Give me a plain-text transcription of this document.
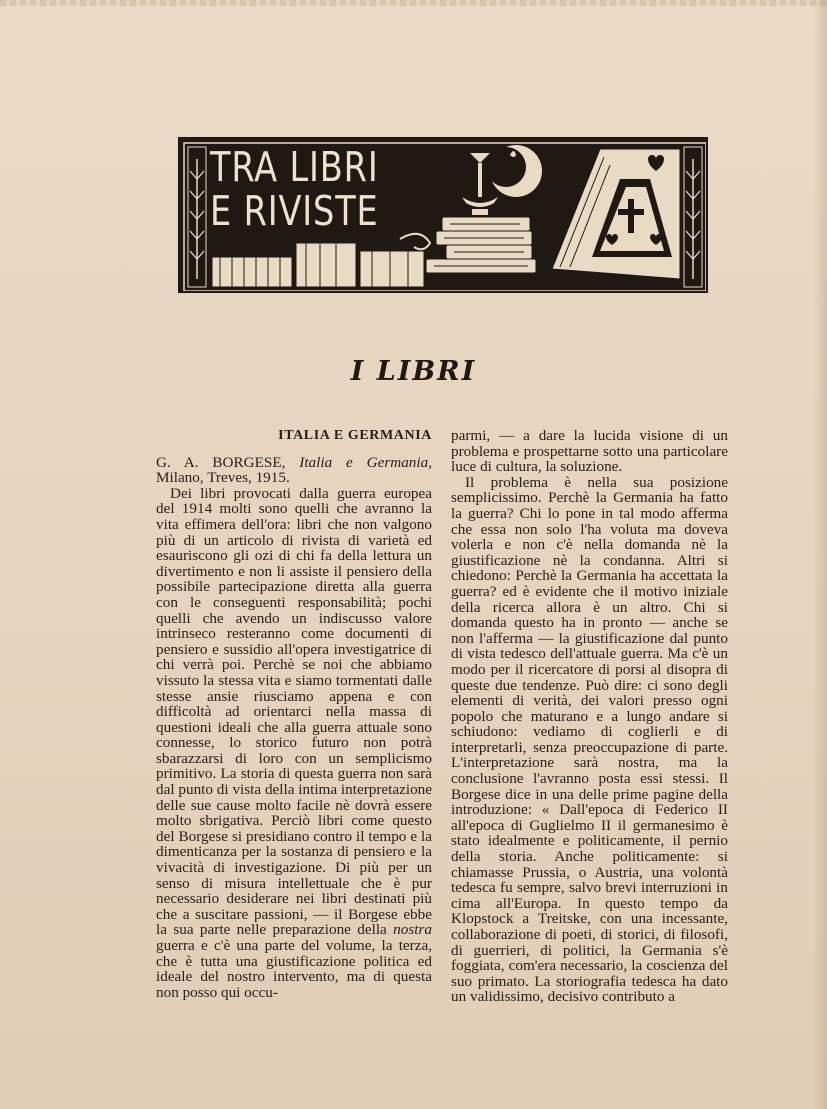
TRA LIBRI
E RIVISTE
I LIBRI

ITALIA E GERMANIA

G. A. BORGESE, Italia e Germania, Milano, Treves, 1915.

Dei libri provocati dalla guerra europea del 1914 molti sono quelli che avranno la vita effimera dell'ora: libri che non valgono più di un articolo di rivista di varietà ed esauriscono gli ozi di chi fa della lettura un divertimento e non li assiste il pensiero della possibile partecipazione diretta alla guerra con le conseguenti responsabilità; pochi quelli che avendo un indiscusso valore intrinseco resteranno come documenti di pensiero e sussidio all'opera investigatrice di chi verrà poi. Perchè se noi che abbiamo vissuto la stessa vita e siamo tormentati dalle stesse ansie riusciamo appena e con difficoltà ad orientarci nella massa di questioni ideali che alla guerra attuale sono connesse, lo storico futuro non potrà sbarazzarsi di loro con un semplicismo primitivo. La storia di questa guerra non sarà dal punto di vista della intima interpretazione delle sue cause molto facile nè dovrà essere molto sbrigativa. Perciò libri come questo del Borgese si presidiano contro il tempo e la dimenticanza per la sostanza di pensiero e la vivacità di investigazione. Di più per un senso di misura intellettuale che è pur necessario desiderare nei libri destinati più che a suscitare passioni, — il Borgese ebbe la sua parte nelle preparazione della nostra guerra e c'è una parte del volume, la terza, che è tutta una giustificazione politica ed ideale del nostro intervento, ma di questa non posso qui occu-

parmi, — a dare la lucida visione di un problema e prospettarne sotto una particolare luce di cultura, la soluzione.

Il problema è nella sua posizione semplicissimo. Perchè la Germania ha fatto la guerra? Chi lo pone in tal modo afferma che essa non solo l'ha voluta ma doveva volerla e non c'è nella domanda nè la giustificazione nè la condanna. Altri si chiedono: Perchè la Germania ha accettata la guerra? ed è evidente che il motivo iniziale della ricerca allora è un altro. Chi si domanda questo ha in pronto — anche se non l'afferma — la giustificazione dal punto di vista tedesco dell'attuale guerra. Ma c'è un modo per il ricercatore di porsi al disopra di queste due tendenze. Può dire: ci sono degli elementi di verità, dei valori presso ogni popolo che maturano e a lungo andare si schiudono: vediamo di coglierli e di interpretarli, senza preoccupazione di parte. L'interpretazione sarà nostra, ma la conclusione l'avranno posta essi stessi. Il Borgese dice in una delle prime pagine della introduzione: « Dall'epoca di Federico II all'epoca di Guglielmo II il germanesimo è stato idealmente e politicamente, il pernio della storia. Anche politicamente: si chiamasse Prussia, o Austria, una volontà tedesca fu sempre, salvo brevi interruzioni in cima all'Europa. In questo tempo da Klopstock a Treitske, con una incessante, collaborazione di poeti, di storici, di filosofi, di guerrieri, di politici, la Germania s'è foggiata, com'era necessario, la coscienza del suo primato. La storiografia tedesca ha dato un validissimo, decisivo contributo a
